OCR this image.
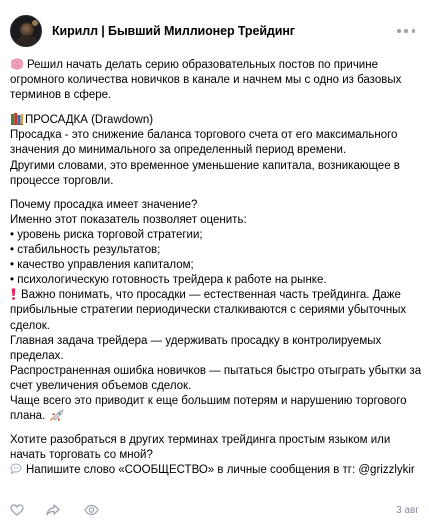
Кирилл | Бывший Миллионер Трейдинг

Решил начать делать серию образовательных постов по причине огромного количества новичков в канале и начнем мы с одно из базовых терминов в сфере.

ПРОСАДКА (Drawdown)

Просадка - это снижение баланса торгового счета от его максимального значения до минимального за определенный период времени.

Другими словами, это временное уменьшение капитала, возникающее в процессе торговли.

Почему просадка имеет значение?

Именно этот показатель позволяет оценить:

• уровень риска торговой стратегии;

• стабильность результатов;

• качество управления капиталом;

• психологическую готовность трейдера к работе на рынке.

Важно понимать, что просадки — естественная часть трейдинга. Даже прибыльные стратегии периодически сталкиваются с сериями убыточных сделок.

Главная задача трейдера — удерживать просадку в контролируемых пределах.

Распространенная ошибка новичков — пытаться быстро отыграть убытки за счет увеличения объемов сделок.

Чаще всего это приводит к еще большим потерям и нарушению торгового плана.

Хотите разобраться в других терминах трейдинга простым языком или начать торговать со мной?

Напишите слово «СООБЩЕСТВО» в личные сообщения в тг: @grizzlykir

3 авг
